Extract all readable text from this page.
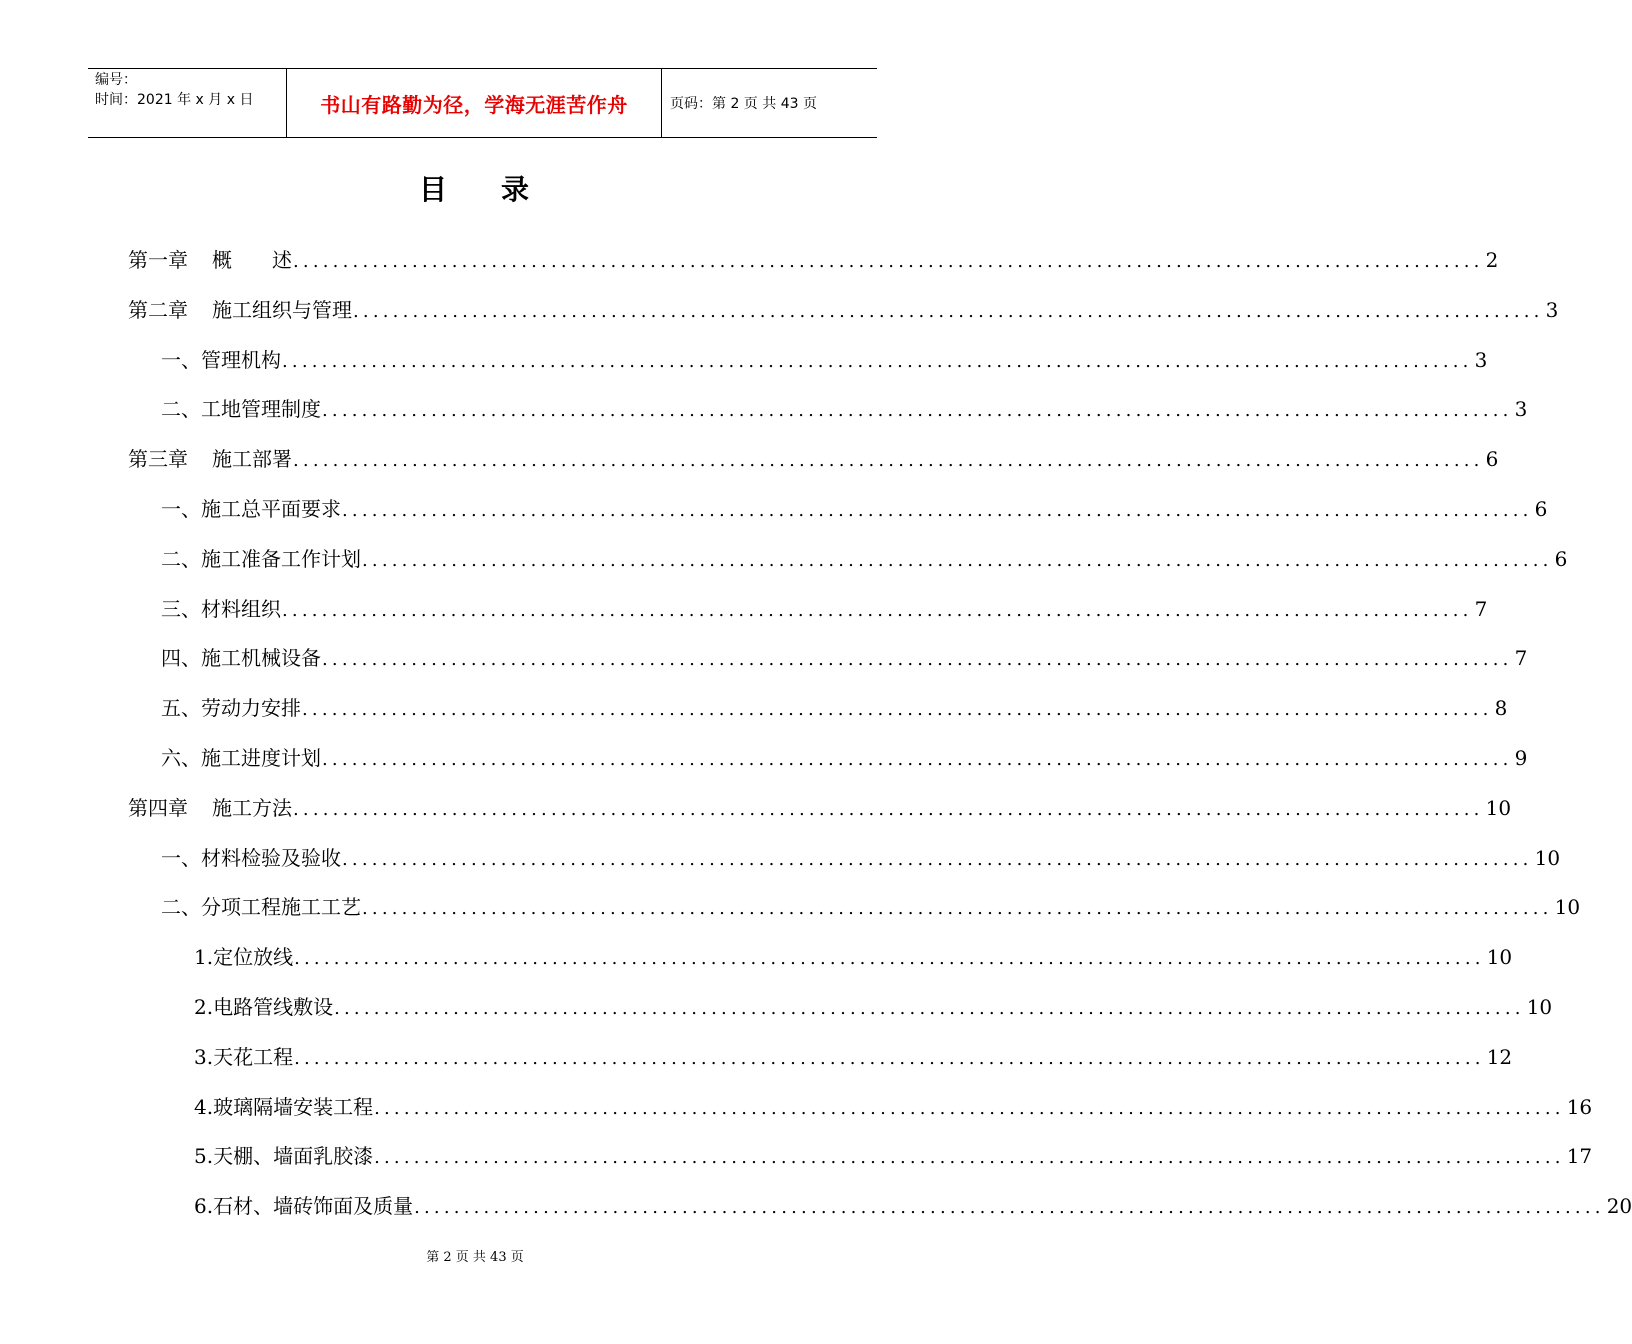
编号：
时间：2021 年 x 月 x 日	书山有路勤为径，学海无涯苦作舟	页码：第 2 页 共 43 页
目 录
第一章 概　　述 ........................................................................................................................ 2
第二章 施工组织与管理 ........................................................................................................................ 3
一、管理机构 ........................................................................................................................ 3
二、工地管理制度 ........................................................................................................................ 3
第三章 施工部署 ........................................................................................................................ 6
一、施工总平面要求 ........................................................................................................................ 6
二、施工准备工作计划 ........................................................................................................................ 6
三、材料组织 ........................................................................................................................ 7
四、施工机械设备 ........................................................................................................................ 7
五、劳动力安排 ........................................................................................................................ 8
六、施工进度计划 ........................................................................................................................ 9
第四章 施工方法 ........................................................................................................................ 10
一、材料检验及验收 ........................................................................................................................ 10
二、分项工程施工工艺 ........................................................................................................................ 10
1.定位放线 ........................................................................................................................ 10
2.电路管线敷设 ........................................................................................................................ 10
3.天花工程 ........................................................................................................................ 12
4.玻璃隔墙安装工程 ........................................................................................................................ 16
5.天棚、墙面乳胶漆 ........................................................................................................................ 17
6.石材、墙砖饰面及质量 ........................................................................................................................ 20
第 2 页 共 43 页
